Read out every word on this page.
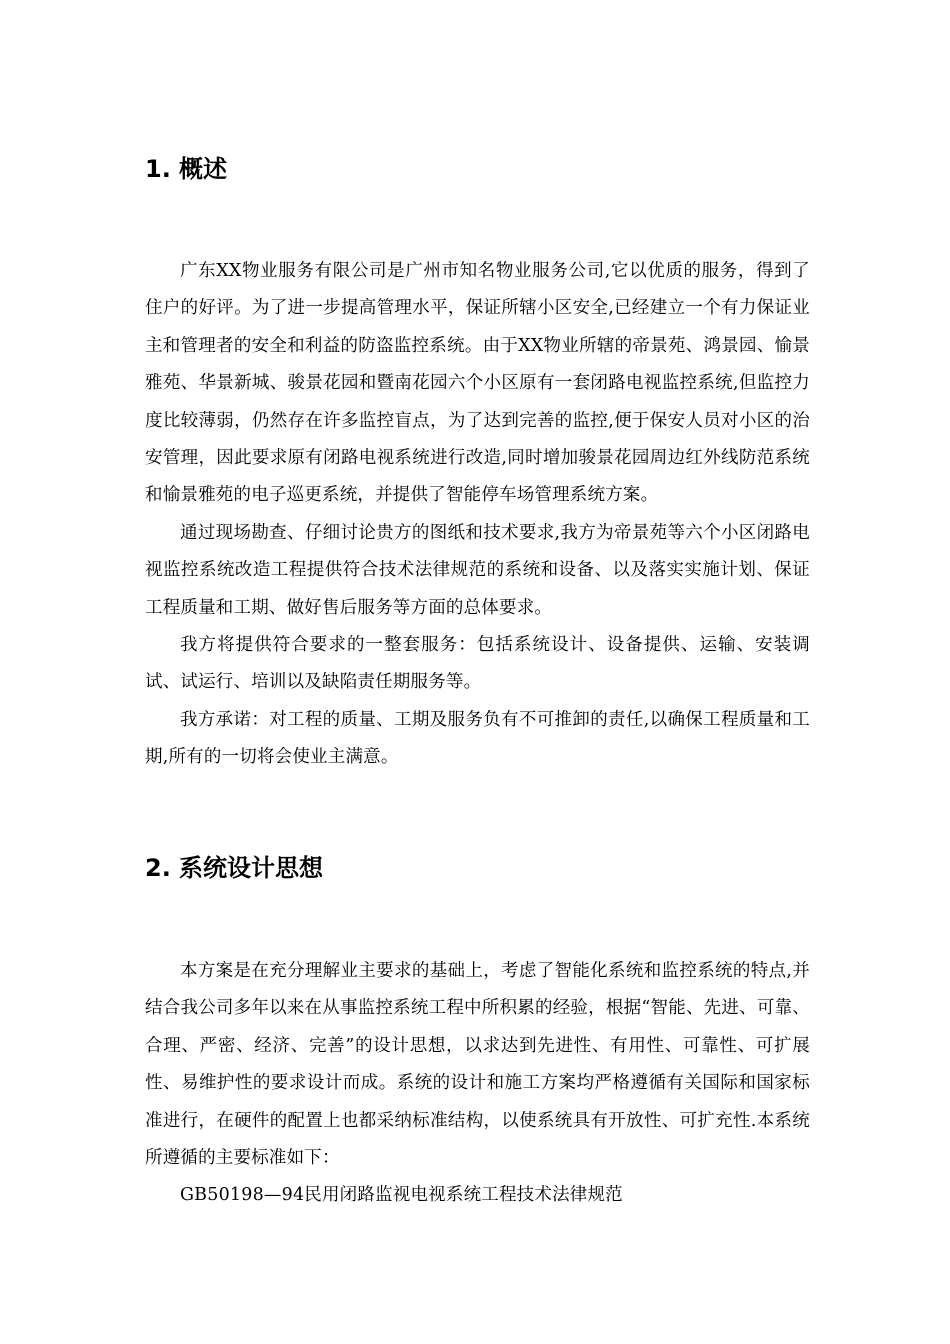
1. 概述

广东XX物业服务有限公司是广州市知名物业服务公司,它以优质的服务，得到了住户的好评。为了进一步提高管理水平，保证所辖小区安全,已经建立一个有力保证业主和管理者的安全和利益的防盗监控系统。由于XX物业所辖的帝景苑、鸿景园、愉景雅苑、华景新城、骏景花园和暨南花园六个小区原有一套闭路电视监控系统,但监控力度比较薄弱，仍然存在许多监控盲点，为了达到完善的监控,便于保安人员对小区的治安管理，因此要求原有闭路电视系统进行改造,同时增加骏景花园周边红外线防范系统和愉景雅苑的电子巡更系统，并提供了智能停车场管理系统方案。

通过现场勘查、仔细讨论贵方的图纸和技术要求,我方为帝景苑等六个小区闭路电视监控系统改造工程提供符合技术法律规范的系统和设备、以及落实实施计划、保证工程质量和工期、做好售后服务等方面的总体要求。

我方将提供符合要求的一整套服务：包括系统设计、设备提供、运输、安装调试、试运行、培训以及缺陷责任期服务等。

我方承诺：对工程的质量、工期及服务负有不可推卸的责任,以确保工程质量和工期,所有的一切将会使业主满意。

2. 系统设计思想

本方案是在充分理解业主要求的基础上，考虑了智能化系统和监控系统的特点,并结合我公司多年以来在从事监控系统工程中所积累的经验，根据“智能、先进、可靠、合理、严密、经济、完善”的设计思想，以求达到先进性、有用性、可靠性、可扩展性、易维护性的要求设计而成。系统的设计和施工方案均严格遵循有关国际和国家标准进行，在硬件的配置上也都采纳标准结构，以使系统具有开放性、可扩充性.本系统所遵循的主要标准如下：

GB50198—94民用闭路监视电视系统工程技术法律规范
